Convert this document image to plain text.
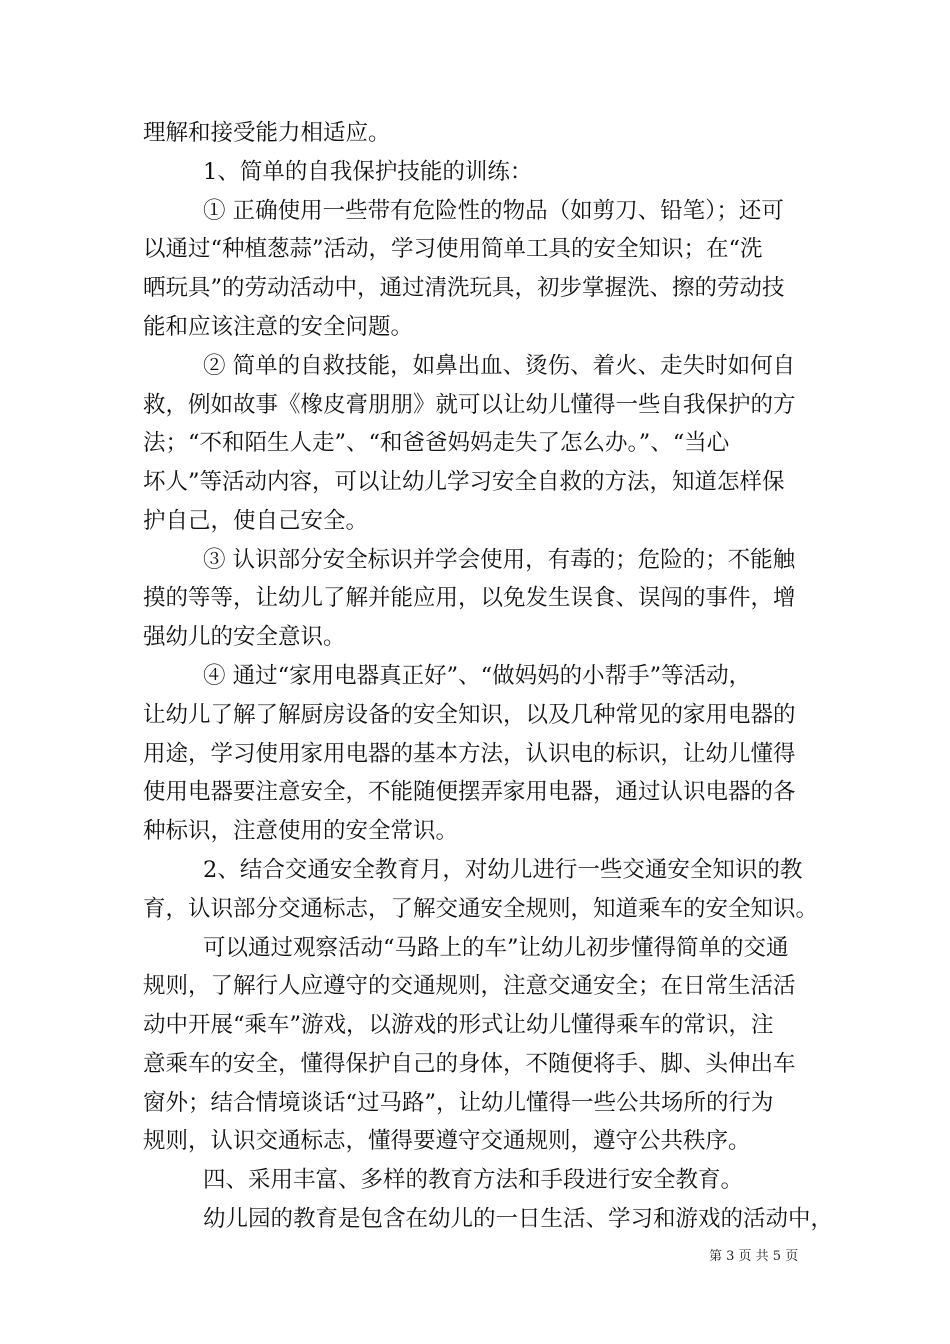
理解和接受能力相适应。
1、简单的自我保护技能的训练：
① 正确使用一些带有危险性的物品（如剪刀、铅笔）；还可
以通过“种植葱蒜”活动，学习使用简单工具的安全知识；在“洗
晒玩具”的劳动活动中，通过清洗玩具，初步掌握洗、擦的劳动技
能和应该注意的安全问题。
② 简单的自救技能，如鼻出血、烫伤、着火、走失时如何自
救，例如故事《橡皮膏朋朋》就可以让幼儿懂得一些自我保护的方
法；“不和陌生人走”、“和爸爸妈妈走失了怎么办。”、“当心
坏人”等活动内容，可以让幼儿学习安全自救的方法，知道怎样保
护自己，使自己安全。
③ 认识部分安全标识并学会使用，有毒的；危险的；不能触
摸的等等，让幼儿了解并能应用，以免发生误食、误闯的事件，增
强幼儿的安全意识。
④ 通过“家用电器真正好”、“做妈妈的小帮手”等活动，
让幼儿了解了解厨房设备的安全知识，以及几种常见的家用电器的
用途，学习使用家用电器的基本方法，认识电的标识，让幼儿懂得
使用电器要注意安全，不能随便摆弄家用电器，通过认识电器的各
种标识，注意使用的安全常识。
2、结合交通安全教育月，对幼儿进行一些交通安全知识的教
育，认识部分交通标志，了解交通安全规则，知道乘车的安全知识。
可以通过观察活动“马路上的车”让幼儿初步懂得简单的交通
规则，了解行人应遵守的交通规则，注意交通安全；在日常生活活
动中开展“乘车”游戏，以游戏的形式让幼儿懂得乘车的常识，注
意乘车的安全，懂得保护自己的身体，不随便将手、脚、头伸出车
窗外；结合情境谈话“过马路”，让幼儿懂得一些公共场所的行为
规则，认识交通标志，懂得要遵守交通规则，遵守公共秩序。
四、采用丰富、多样的教育方法和手段进行安全教育。
幼儿园的教育是包含在幼儿的一日生活、学习和游戏的活动中，
第 3 页 共 5 页
